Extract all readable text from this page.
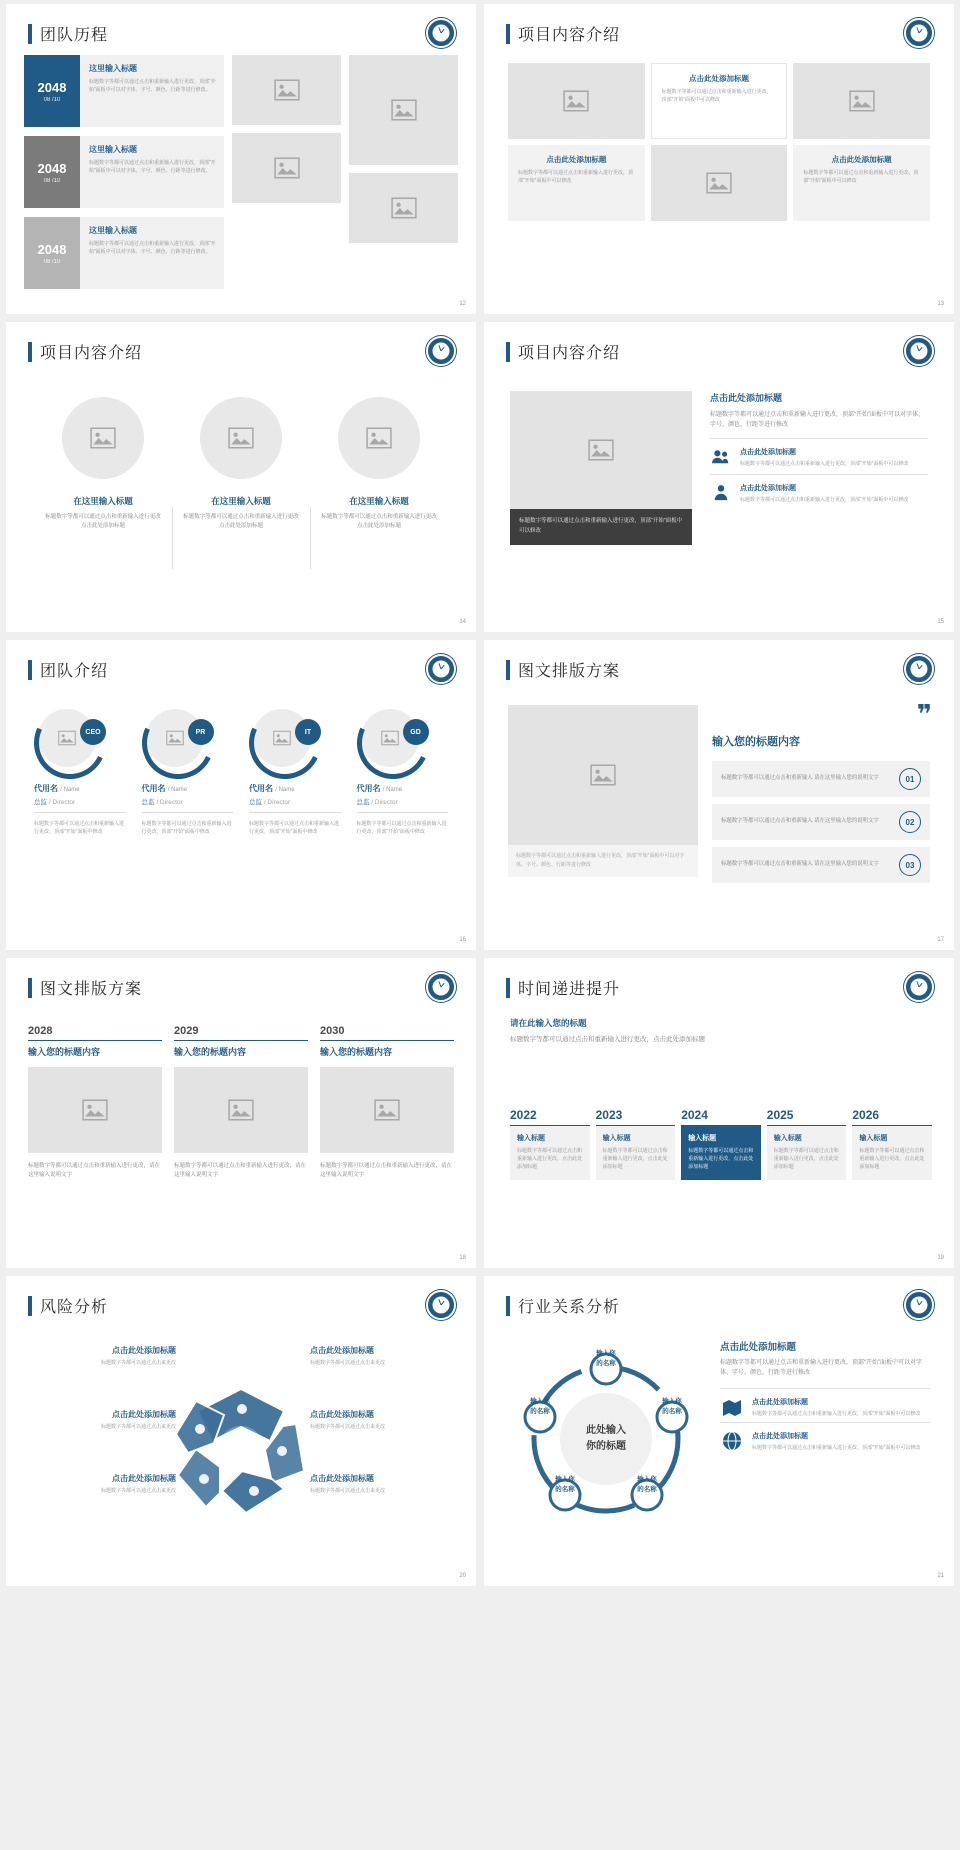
团队历程
2048
08 /10
这里输入标题
标题数字等都可以通过点击和重新输入进行更改，顶部“开始”面板中可以对字体、字号、颜色、行距等进行修改。
2048
08 /10
这里输入标题
标题数字等都可以通过点击和重新输入进行更改，顶部“开始”面板中可以对字体、字号、颜色、行距等进行修改。
2048
08 /10
这里输入标题
标题数字等都可以通过点击和重新输入进行更改，顶部“开始”面板中可以对字体、字号、颜色、行距等进行修改。
12
项目内容介绍
点击此处添加标题
标题数字等都可以通过点击和重新输入进行更改，顶部“开始”面板中可以修改
点击此处添加标题
标题数字等都可以通过点击和重新输入进行更改，顶部“开始”面板中可以修改
点击此处添加标题
标题数字等都可以通过点击和重新输入进行更改，顶部“开始”面板中可以修改
13
项目内容介绍
在这里输入标题
标题数字等都可以通过点击和重新输入进行更改点击此处添加标题
在这里输入标题
标题数字等都可以通过点击和重新输入进行更改点击此处添加标题
在这里输入标题
标题数字等都可以通过点击和重新输入进行更改点击此处添加标题
14
项目内容介绍
标题数字等都可以通过点击和重新输入进行更改，顶部“开始”面板中可以修改
点击此处添加标题
标题数字等都可以通过点击和重新输入进行更改，顶部“开始”面板中可以对字体、字号、颜色、行距等进行修改
点击此处添加标题
标题数字等都可以通过点击和重新输入进行更改，顶部“开始”面板中可以修改
点击此处添加标题
标题数字等都可以通过点击和重新输入进行更改，顶部“开始”面板中可以修改
15
团队介绍
CEO
代用名 / Name
总监 / Director
标题数字等都可以通过点击和重新输入进行更改，顶部“开始”面板中修改
PR
代用名 / Name
总监 / Director
标题数字等都可以通过点击和重新输入进行更改，顶部“开始”面板中修改
IT
代用名 / Name
总监 / Director
标题数字等都可以通过点击和重新输入进行更改，顶部“开始”面板中修改
GD
代用名 / Name
总监 / Director
标题数字等都可以通过点击和重新输入进行更改，顶部“开始”面板中修改
16
图文排版方案
标题数字等都可以通过点击和重新输入进行更改，顶部“开始”面板中可以对字体、字号、颜色、行距等进行修改
❞
输入您的标题内容
标题数字等都可以通过点击和重新输入 请在这里输入您的说明文字	01
标题数字等都可以通过点击和重新输入 请在这里输入您的说明文字	02
标题数字等都可以通过点击和重新输入 请在这里输入您的说明文字	03
17
图文排版方案
2028
输入您的标题内容
标题数字等都可以通过点击和重新输入进行更改，请在这里输入说明文字
2029
输入您的标题内容
标题数字等都可以通过点击和重新输入进行更改，请在这里输入说明文字
2030
输入您的标题内容
标题数字等都可以通过点击和重新输入进行更改，请在这里输入说明文字
18
时间递进提升
请在此输入您的标题
标题数字等都可以通过点击和重新输入进行更改，点击此处添加标题
2022
输入标题
标题数字等都可以通过点击和重新输入进行更改，点击此处添加标题
2023
输入标题
标题数字等都可以通过点击和重新输入进行更改，点击此处添加标题
2024
输入标题
标题数字等都可以通过点击和重新输入进行更改，点击此处添加标题
2025
输入标题
标题数字等都可以通过点击和重新输入进行更改，点击此处添加标题
2026
输入标题
标题数字等都可以通过点击和重新输入进行更改，点击此处添加标题
19
风险分析
点击此处添加标题
标题数字等都可以通过点击来更改
点击此处添加标题
标题数字等都可以通过点击来更改
点击此处添加标题
标题数字等都可以通过点击来更改
点击此处添加标题
标题数字等都可以通过点击来更改
点击此处添加标题
标题数字等都可以通过点击来更改
点击此处添加标题
标题数字等都可以通过点击来更改
20
行业关系分析
此处输入
你的标题
输入你
的名称
输入你
的名称
输入你
的名称
输入你
的名称
输入你
的名称
点击此处添加标题
标题数字等都可以通过点击和重新输入进行更改，顶部“开始”面板中可以对字体、字号、颜色、行距等进行修改
点击此处添加标题
标题数字等都可以通过点击和重新输入进行更改，顶部“开始”面板中可以修改
点击此处添加标题
标题数字等都可以通过点击和重新输入进行更改，顶部“开始”面板中可以修改
21
